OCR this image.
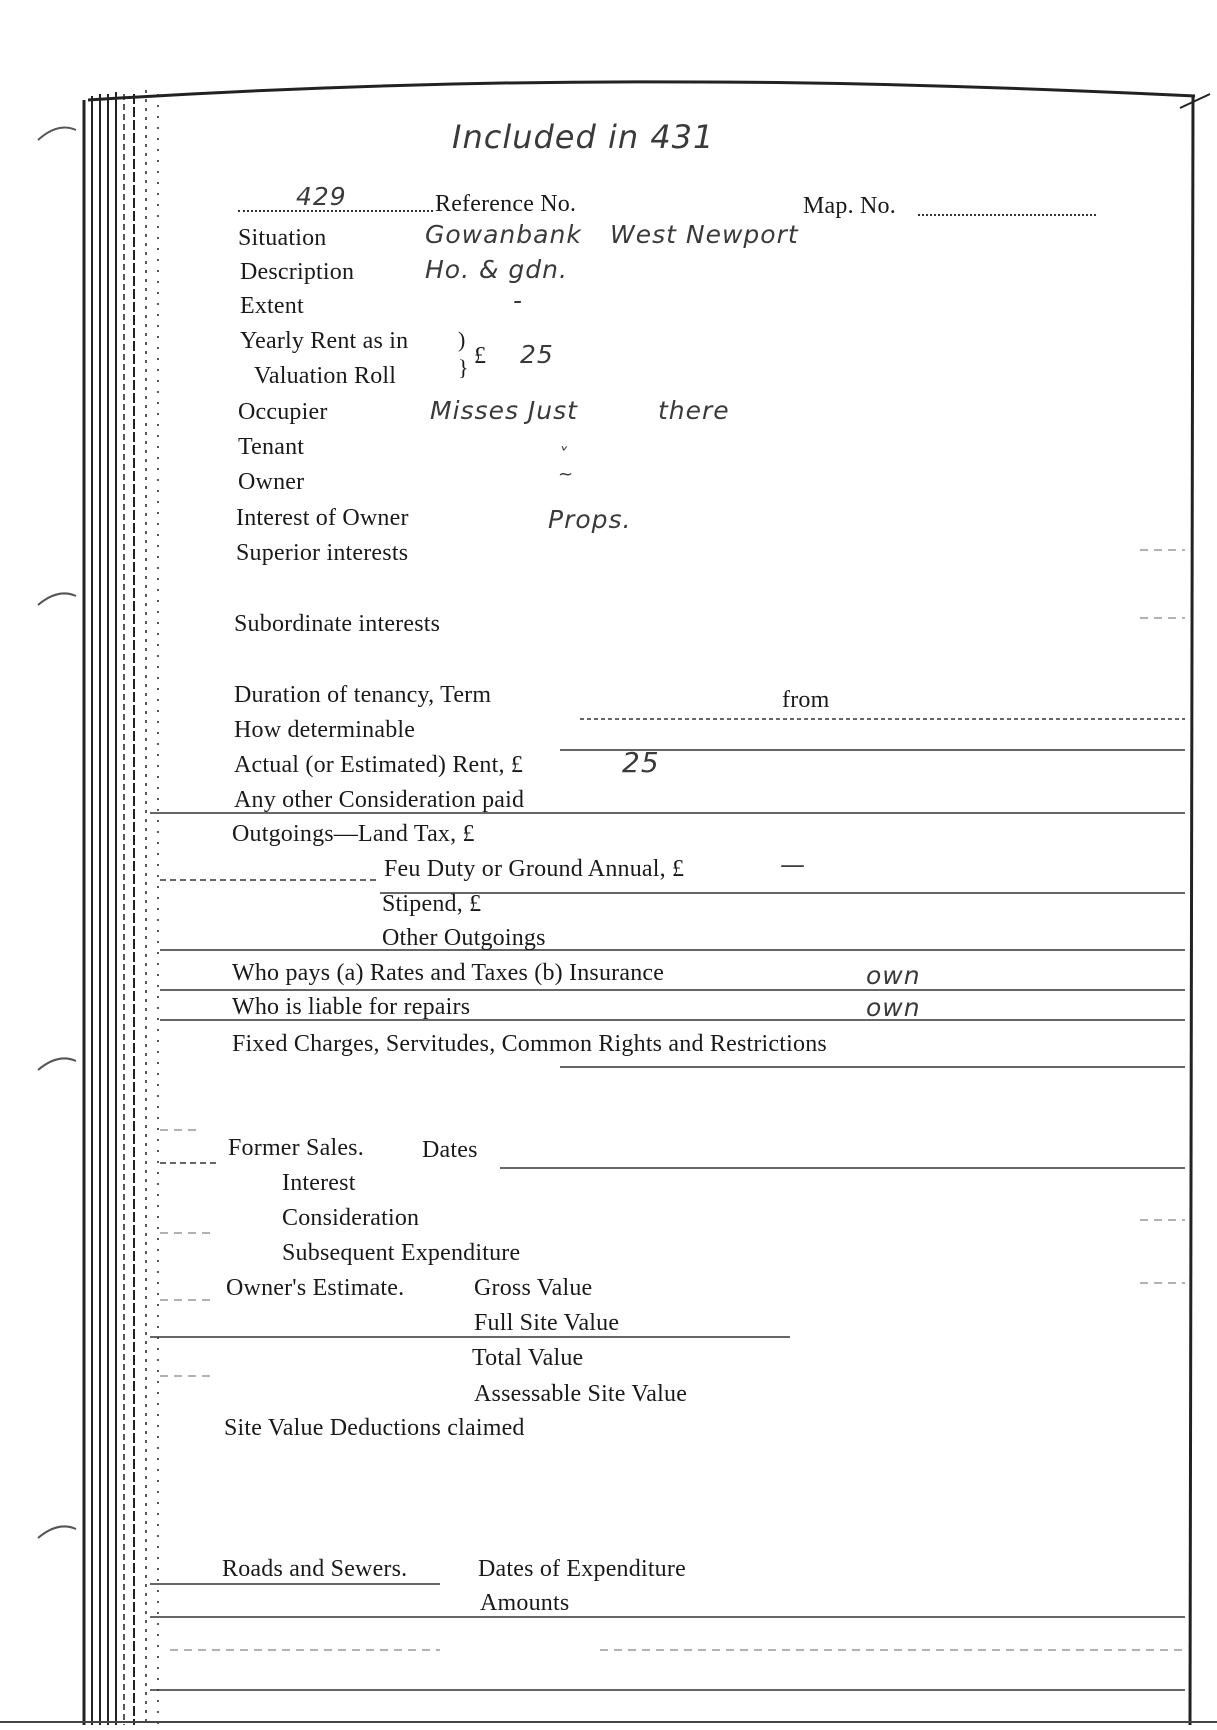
Included in 431
429	Reference No.	Map. No.
Situation	Gowanbank West Newport
Description	Ho. & gdn.
Extent	-
Yearly Rent as in
Valuation Roll
)
} £ 25
Occupier	Misses Just	there
Tenant	ˬ
Owner	~
Interest of Owner	Props.
Superior interests
Subordinate interests
Duration of tenancy, Term	from
How determinable
Actual (or Estimated) Rent, £	25
Any other Consideration paid
Outgoings—Land Tax, £
Feu Duty or Ground Annual, £	—
Stipend, £
Other Outgoings
Who pays (a) Rates and Taxes (b) Insurance	own
Who is liable for repairs	own
Fixed Charges, Servitudes, Common Rights and Restrictions
Former Sales. Dates
Interest
Consideration
Subsequent Expenditure
Owner's Estimate.	Gross Value
Full Site Value
Total Value
Assessable Site Value
Site Value Deductions claimed
Roads and Sewers.	Dates of Expenditure
Amounts
